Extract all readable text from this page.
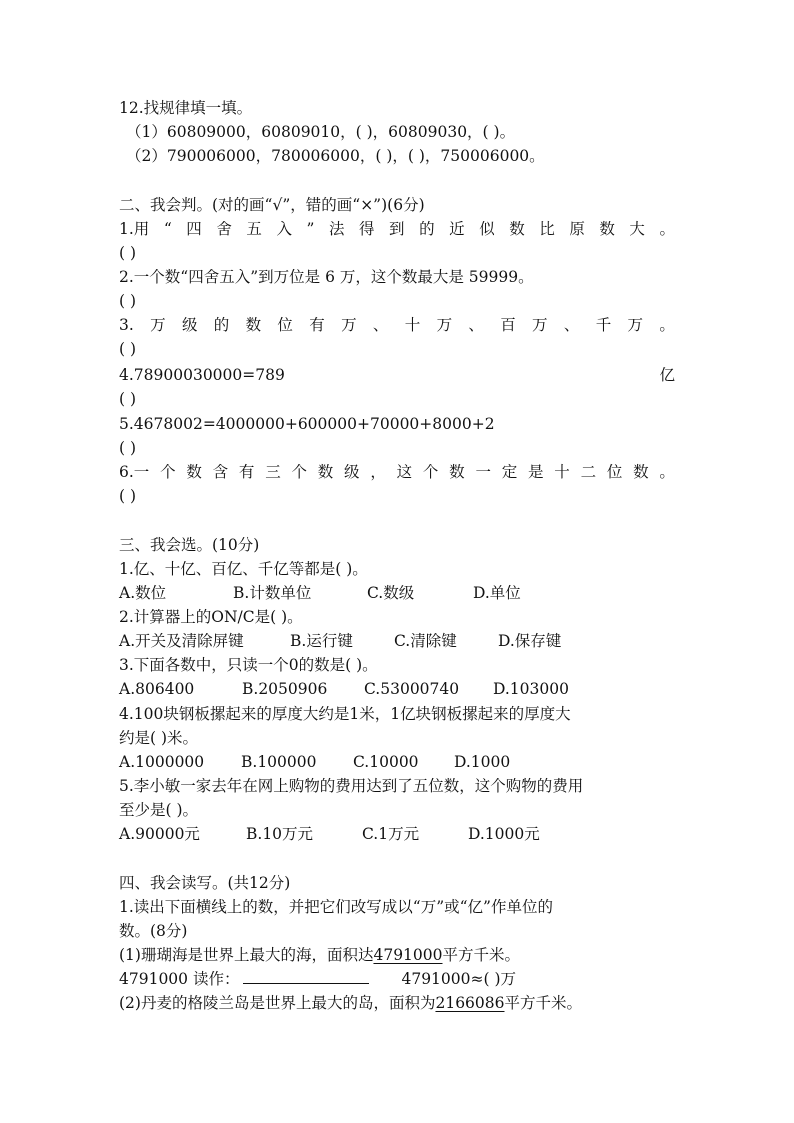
12.找规律填一填。
（1）60809000，60809010，( )，60809030，( )。
（2）790006000，780006000，( )，( )，750006000。
二、我会判。(对的画“√”，错的画“×”)(6分)
1.用 “ 四 舍 五 入 ” 法 得 到 的 近 似 数 比 原 数 大 。
( )
2.一个数“四舍五入”到万位是 6 万，这个数最大是 59999。
( )
3. 万 级 的 数 位 有 万 、 十 万 、 百 万 、 千 万 。
( )
4.78900030000=789	亿
( )
5.4678002=4000000+600000+70000+8000+2
( )
6.一 个 数 含 有 三 个 数 级 ， 这 个 数 一 定 是 十 二 位 数 。
( )
三、我会选。(10分)
1.亿、十亿、百亿、千亿等都是( )。
A.数位	B.计数单位	C.数级	D.单位
2.计算器上的ON/C是( )。
A.开关及清除屏键	B.运行键	C.清除键	D.保存键
3.下面各数中，只读一个0的数是( )。
A.806400	B.2050906	C.53000740	D.103000
4.100块钢板摞起来的厚度大约是1米，1亿块钢板摞起来的厚度大
约是( )米。
A.1000000	B.100000	C.10000	D.1000
5.李小敏一家去年在网上购物的费用达到了五位数，这个购物的费用
至少是( )。
A.90000元	B.10万元	C.1万元	D.1000元
四、我会读写。(共12分)
1.读出下面横线上的数，并把它们改写成以“万”或“亿”作单位的
数。(8分)
(1)珊瑚海是世界上最大的海，面积达4791000平方千米。
4791000 读作：	4791000≈( )万
(2)丹麦的格陵兰岛是世界上最大的岛，面积为2166086平方千米。
